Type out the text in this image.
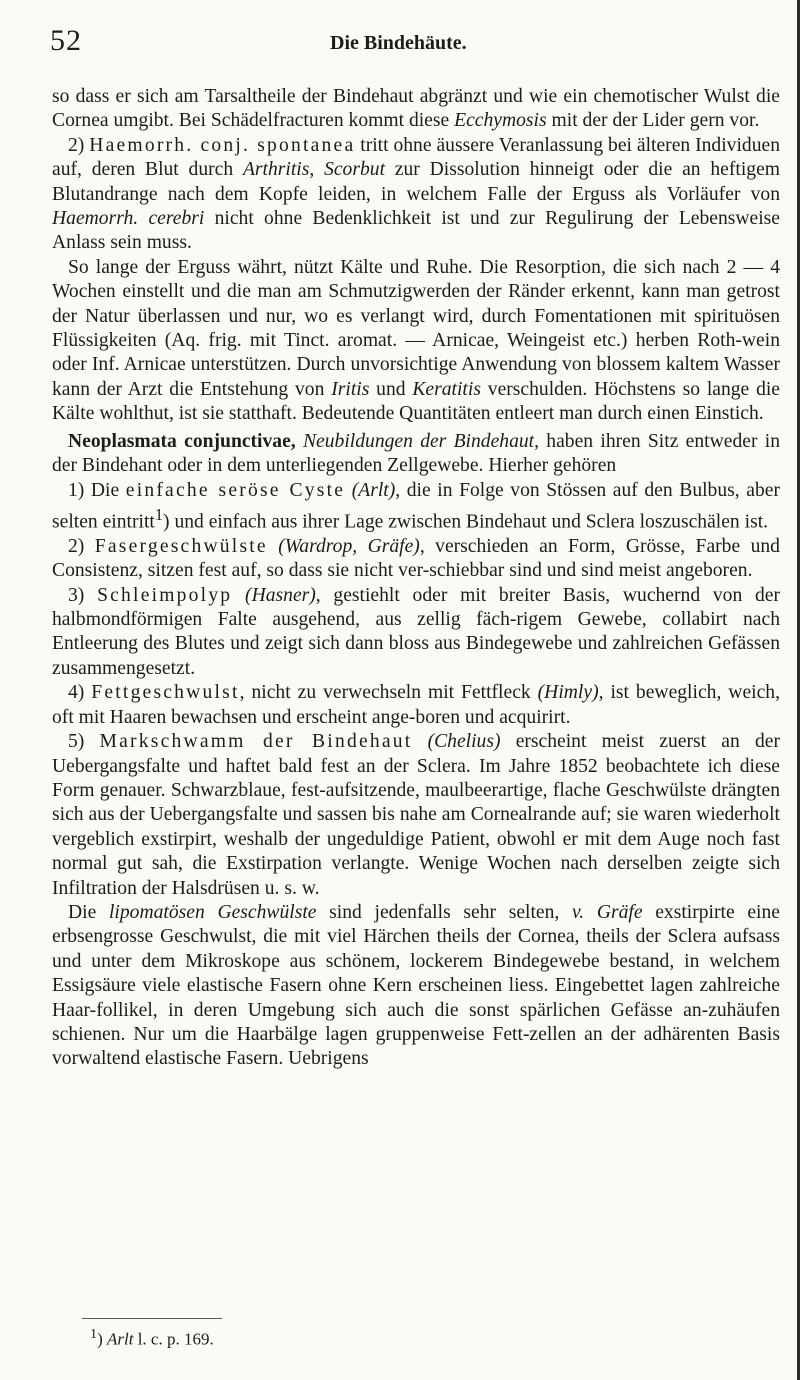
52	Die Bindehäute.

so dass er sich am Tarsaltheile der Bindehaut abgränzt und wie ein chemotischer Wulst die Cornea umgibt. Bei Schädelfracturen kommt diese Ecchymosis mit der der Lider gern vor.

2) Haemorrh. conj. spontanea tritt ohne äussere Veranlassung bei älteren Individuen auf, deren Blut durch Arthritis, Scorbut zur Dissolution hinneigt oder die an heftigem Blutandrange nach dem Kopfe leiden, in welchem Falle der Erguss als Vorläufer von Haemorrh. cerebri nicht ohne Bedenklichkeit ist und zur Regulirung der Lebensweise Anlass sein muss.

So lange der Erguss währt, nützt Kälte und Ruhe. Die Resorption, die sich nach 2 — 4 Wochen einstellt und die man am Schmutzigwerden der Ränder erkennt, kann man getrost der Natur überlassen und nur, wo es verlangt wird, durch Fomentationen mit spirituösen Flüssigkeiten (Aq. frig. mit Tinct. aromat. — Arnicae, Weingeist etc.) herben Roth-wein oder Inf. Arnicae unterstützen. Durch unvorsichtige Anwendung von blossem kaltem Wasser kann der Arzt die Entstehung von Iritis und Keratitis verschulden. Höchstens so lange die Kälte wohlthut, ist sie statthaft. Bedeutende Quantitäten entleert man durch einen Einstich.

Neoplasmata conjunctivae, Neubildungen der Bindehaut, haben ihren Sitz entweder in der Bindehant oder in dem unterliegenden Zellgewebe. Hierher gehören

1) Die einfache seröse Cyste (Arlt), die in Folge von Stössen auf den Bulbus, aber selten eintritt$^1$) und einfach aus ihrer Lage zwischen Bindehaut und Sclera loszuschälen ist.

2) Fasergeschwülste (Wardrop, Gräfe), verschieden an Form, Grösse, Farbe und Consistenz, sitzen fest auf, so dass sie nicht ver-schiebbar sind und sind meist angeboren.

3) Schleimpolyp (Hasner), gestiehlt oder mit breiter Basis, wuchernd von der halbmondförmigen Falte ausgehend, aus zellig fäch-rigem Gewebe, collabirt nach Entleerung des Blutes und zeigt sich dann bloss aus Bindegewebe und zahlreichen Gefässen zusammengesetzt.

4) Fettgeschwulst, nicht zu verwechseln mit Fettfleck (Himly), ist beweglich, weich, oft mit Haaren bewachsen und erscheint ange-boren und acquirirt.

5) Markschwamm der Bindehaut (Chelius) erscheint meist zuerst an der Uebergangsfalte und haftet bald fest an der Sclera. Im Jahre 1852 beobachtete ich diese Form genauer. Schwarzblaue, fest-aufsitzende, maulbeerartige, flache Geschwülste drängten sich aus der Uebergangsfalte und sassen bis nahe am Cornealrande auf; sie waren wiederholt vergeblich exstirpirt, weshalb der ungeduldige Patient, obwohl er mit dem Auge noch fast normal gut sah, die Exstirpation verlangte. Wenige Wochen nach derselben zeigte sich Infiltration der Halsdrüsen u. s. w.

Die lipomatösen Geschwülste sind jedenfalls sehr selten, v. Gräfe exstirpirte eine erbsengrosse Geschwulst, die mit viel Härchen theils der Cornea, theils der Sclera aufsass und unter dem Mikroskope aus schönem, lockerem Bindegewebe bestand, in welchem Essigsäure viele elastische Fasern ohne Kern erscheinen liess. Eingebettet lagen zahlreiche Haar-follikel, in deren Umgebung sich auch die sonst spärlichen Gefässe an-zuhäufen schienen. Nur um die Haarbälge lagen gruppenweise Fett-zellen an der adhärenten Basis vorwaltend elastische Fasern. Uebrigens

$^1$) Arlt l. c. p. 169.
